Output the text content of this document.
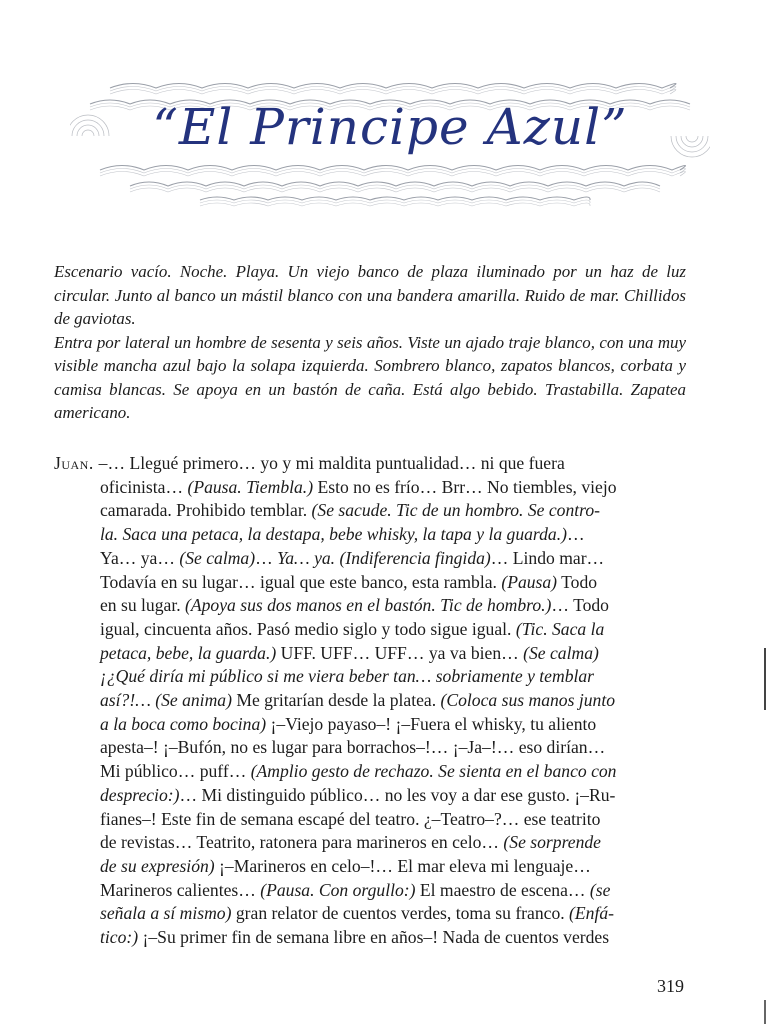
“El Principe Azul”

Escenario vacío. Noche. Playa. Un viejo banco de plaza iluminado por un haz de luz circular. Junto al banco un mástil blanco con una bandera amarilla. Ruido de mar. Chillidos de gaviotas.

Entra por lateral un hombre de sesenta y seis años. Viste un ajado traje blanco, con una muy visible mancha azul bajo la solapa izquierda. Sombrero blanco, zapatos blancos, corbata y camisa blancas. Se apoya en un bastón de caña. Está algo bebido. Trastabilla. Zapatea americano.

Juan. –… Llegué primero… yo y mi maldita puntualidad… ni que fuera
oficinista… (Pausa. Tiembla.) Esto no es frío… Brr… No tiembles, viejo
camarada. Prohibido temblar. (Se sacude. Tic de un hombro. Se contro-
la. Saca una petaca, la destapa, bebe whisky, la tapa y la guarda.)…
Ya… ya… (Se calma)… Ya… ya. (Indiferencia fingida)… Lindo mar…
Todavía en su lugar… igual que este banco, esta rambla. (Pausa) Todo
en su lugar. (Apoya sus dos manos en el bastón. Tic de hombro.)… Todo
igual, cincuenta años. Pasó medio siglo y todo sigue igual. (Tic. Saca la
petaca, bebe, la guarda.) UFF. UFF… UFF… ya va bien… (Se calma)
¡¿Qué diría mi público si me viera beber tan… sobriamente y temblar
así?!… (Se anima) Me gritarían desde la platea. (Coloca sus manos junto
a la boca como bocina) ¡–Viejo payaso–! ¡–Fuera el whisky, tu aliento
apesta–! ¡–Bufón, no es lugar para borrachos–!… ¡–Ja–!… eso dirían…
Mi público… puff… (Amplio gesto de rechazo. Se sienta en el banco con
desprecio:)… Mi distinguido público… no les voy a dar ese gusto. ¡–Ru-
fianes–! Este fin de semana escapé del teatro. ¿–Teatro–?… ese teatrito
de revistas… Teatrito, ratonera para marineros en celo… (Se sorprende
de su expresión) ¡–Marineros en celo–!… El mar eleva mi lenguaje…
Marineros calientes… (Pausa. Con orgullo:) El maestro de escena… (se
señala a sí mismo) gran relator de cuentos verdes, toma su franco. (Enfá-
tico:) ¡–Su primer fin de semana libre en años–! Nada de cuentos verdes
319
